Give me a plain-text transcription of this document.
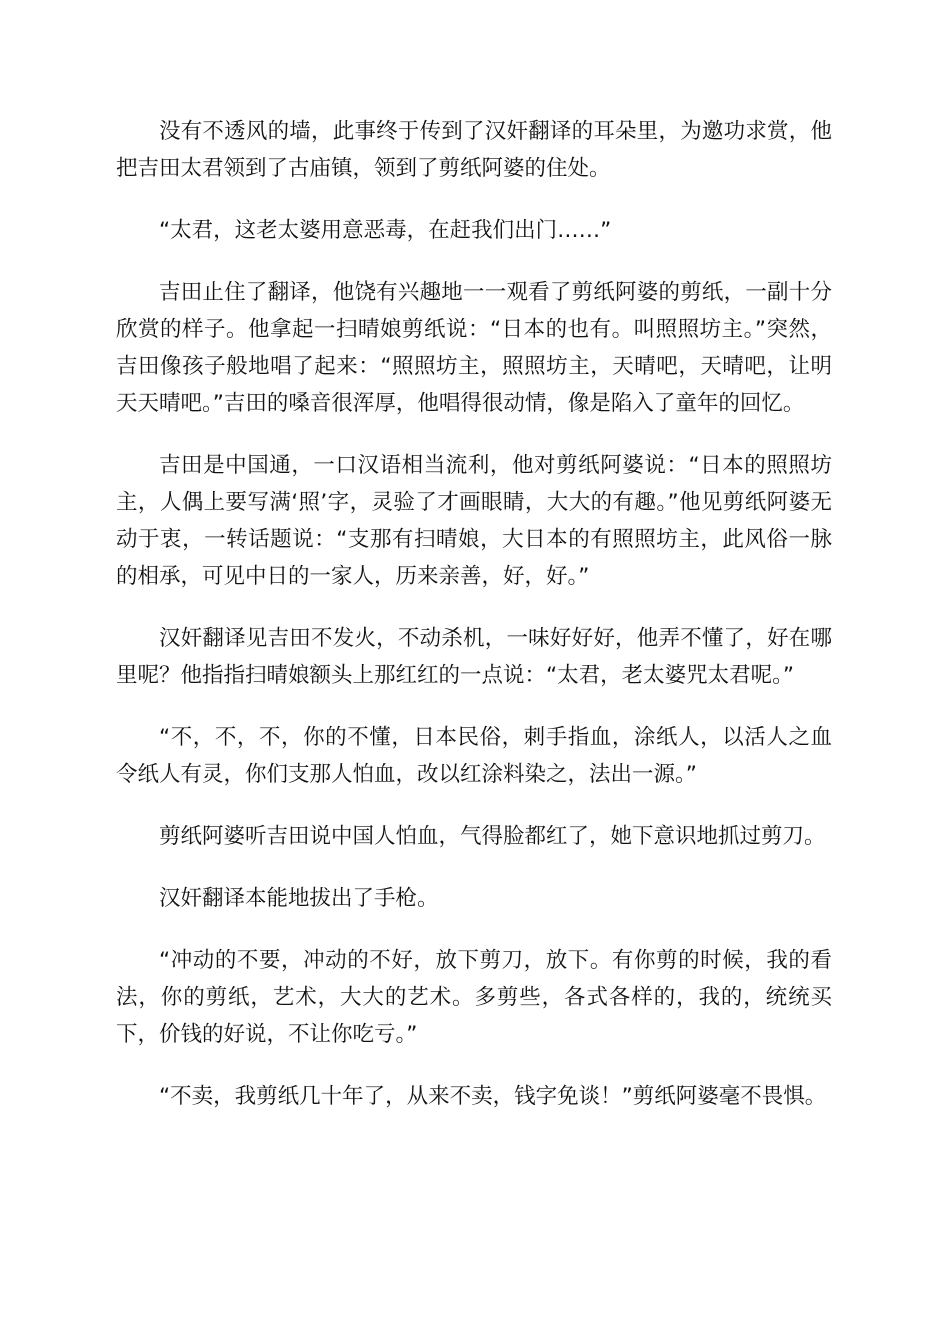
没有不透风的墙，此事终于传到了汉奸翻译的耳朵里，为邀功求赏，他把吉田太君领到了古庙镇，领到了剪纸阿婆的住处。

“太君，这老太婆用意恶毒，在赶我们出门……”

吉田止住了翻译，他饶有兴趣地一一观看了剪纸阿婆的剪纸，一副十分欣赏的样子。他拿起一扫晴娘剪纸说：“日本的也有。叫照照坊主。”突然，吉田像孩子般地唱了起来：“照照坊主，照照坊主，天晴吧，天晴吧，让明天天晴吧。”吉田的嗓音很浑厚，他唱得很动情，像是陷入了童年的回忆。

吉田是中国通，一口汉语相当流利，他对剪纸阿婆说：“日本的照照坊主，人偶上要写满‘照’字，灵验了才画眼睛，大大的有趣。”他见剪纸阿婆无动于衷，一转话题说：“支那有扫晴娘，大日本的有照照坊主，此风俗一脉的相承，可见中日的一家人，历来亲善，好，好。”

汉奸翻译见吉田不发火，不动杀机，一味好好好，他弄不懂了，好在哪里呢？他指指扫晴娘额头上那红红的一点说：“太君，老太婆咒太君呢。”

“不，不，不，你的不懂，日本民俗，刺手指血，涂纸人，以活人之血令纸人有灵，你们支那人怕血，改以红涂料染之，法出一源。”

剪纸阿婆听吉田说中国人怕血，气得脸都红了，她下意识地抓过剪刀。

汉奸翻译本能地拔出了手枪。

“冲动的不要，冲动的不好，放下剪刀，放下。有你剪的时候，我的看法，你的剪纸，艺术，大大的艺术。多剪些，各式各样的，我的，统统买下，价钱的好说，不让你吃亏。”

“不卖，我剪纸几十年了，从来不卖，钱字免谈！”剪纸阿婆毫不畏惧。
